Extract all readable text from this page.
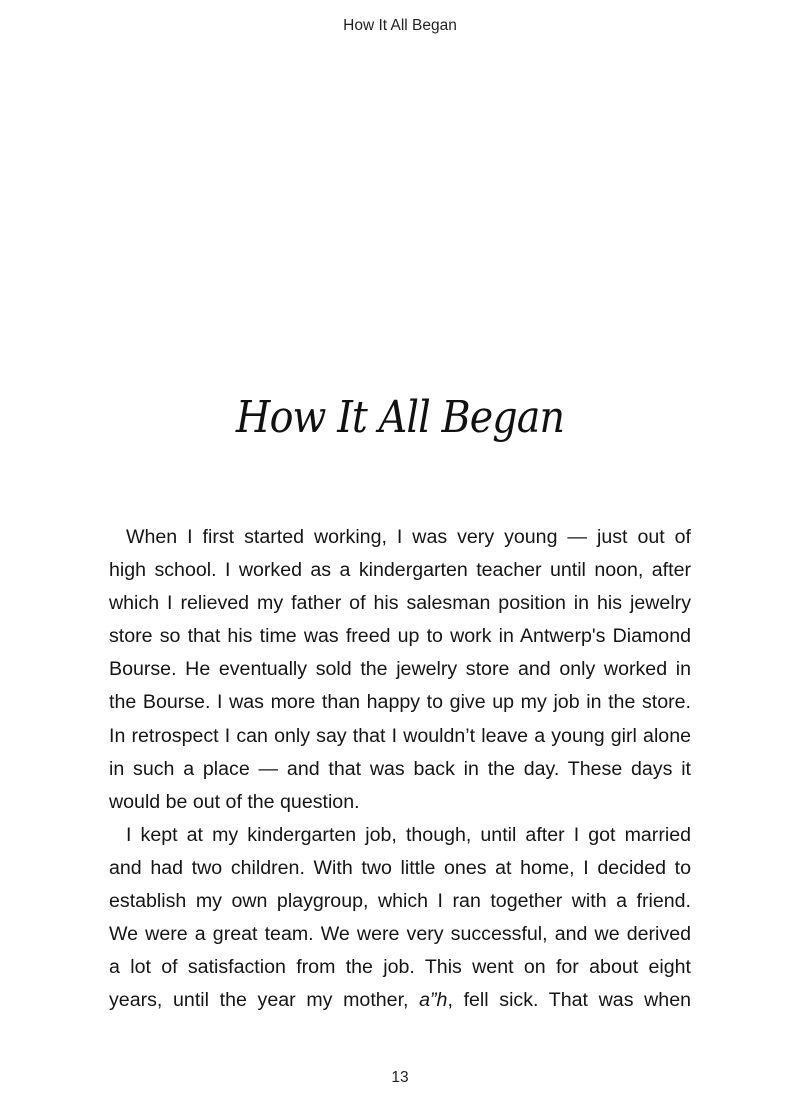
How It All Began
How It All Began
When I first started working, I was very young — just out of
high school. I worked as a kindergarten teacher until noon, after
which I relieved my father of his salesman position in his jewelry
store so that his time was freed up to work in Antwerp's Diamond
Bourse. He eventually sold the jewelry store and only worked in
the Bourse. I was more than happy to give up my job in the store.
In retrospect I can only say that I wouldn’t leave a young girl alone
in such a place — and that was back in the day. These days it
would be out of the question.
I kept at my kindergarten job, though, until after I got married
and had two children. With two little ones at home, I decided to
establish my own playgroup, which I ran together with a friend.
We were a great team. We were very successful, and we derived
a lot of satisfaction from the job. This went on for about eight
years, until the year my mother, a”h, fell sick. That was when
13
